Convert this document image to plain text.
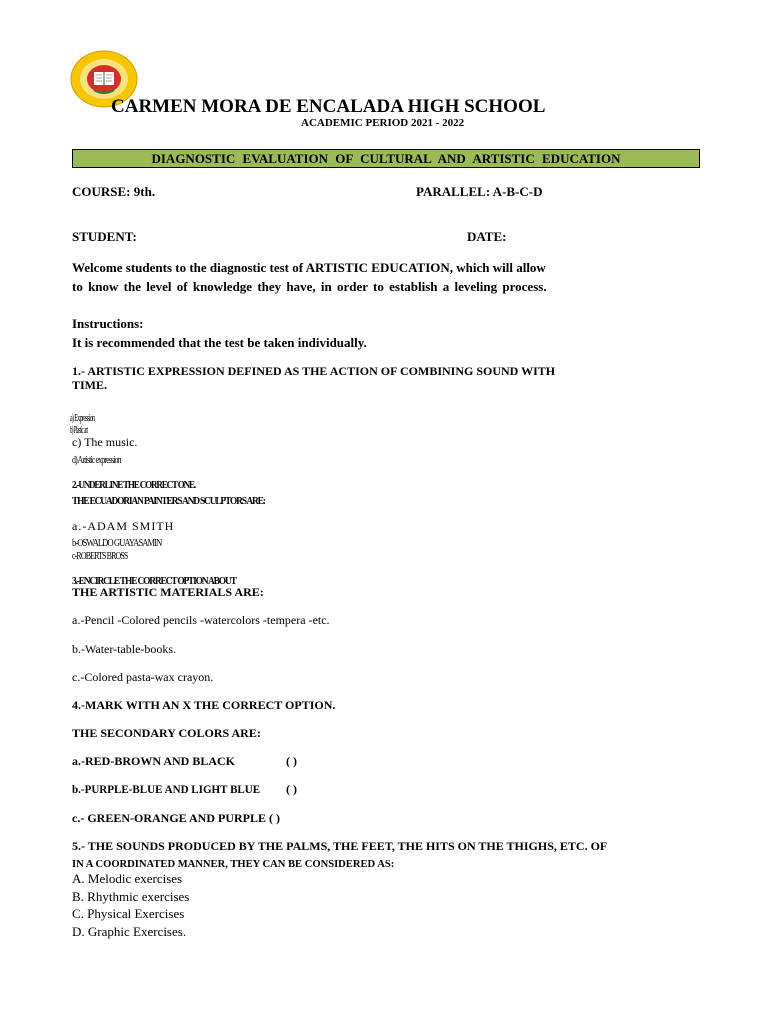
CARMEN MORA DE ENCALADA HIGH SCHOOL
ACADEMIC PERIOD 2021 - 2022
DIAGNOSTIC EVALUATION OF CULTURAL AND ARTISTIC EDUCATION
COURSE: 9th.	PARALLEL: A-B-C-D
STUDENT:	DATE:
Welcome students to the diagnostic test of ARTISTIC EDUCATION, which will allow
to know the level of knowledge they have, in order to establish a leveling process.
Instructions:
It is recommended that the test be taken individually.
1.- ARTISTIC EXPRESSION DEFINED AS THE ACTION OF COMBINING SOUND WITH
TIME.
a) Expression
b) Plastic art
c) The music.
d) Artistic expression
2.-UNDERLINE THE CORRECT ONE.
THE ECUADORIAN PAINTERS AND SCULPTORS ARE:
a.-ADAM SMITH
b-OSWALDO GUAYASAMIN
c-ROBERTS BROSS
3.-ENCIRCLE THE CORRECT OPTION ABOUT
THE ARTISTIC MATERIALS ARE:
a.-Pencil -Colored pencils -watercolors -tempera -etc.
b.-Water-table-books.
c.-Colored pasta-wax crayon.
4.-MARK WITH AN X THE CORRECT OPTION.
THE SECONDARY COLORS ARE:
a.-RED-BROWN AND BLACK	( )
b.-PURPLE-BLUE AND LIGHT BLUE	( )
c.- GREEN-ORANGE AND PURPLE ( )
5.- THE SOUNDS PRODUCED BY THE PALMS, THE FEET, THE HITS ON THE THIGHS, ETC. OF
IN A COORDINATED MANNER, THEY CAN BE CONSIDERED AS:
A. Melodic exercises
B. Rhythmic exercises
C. Physical Exercises
D. Graphic Exercises.
